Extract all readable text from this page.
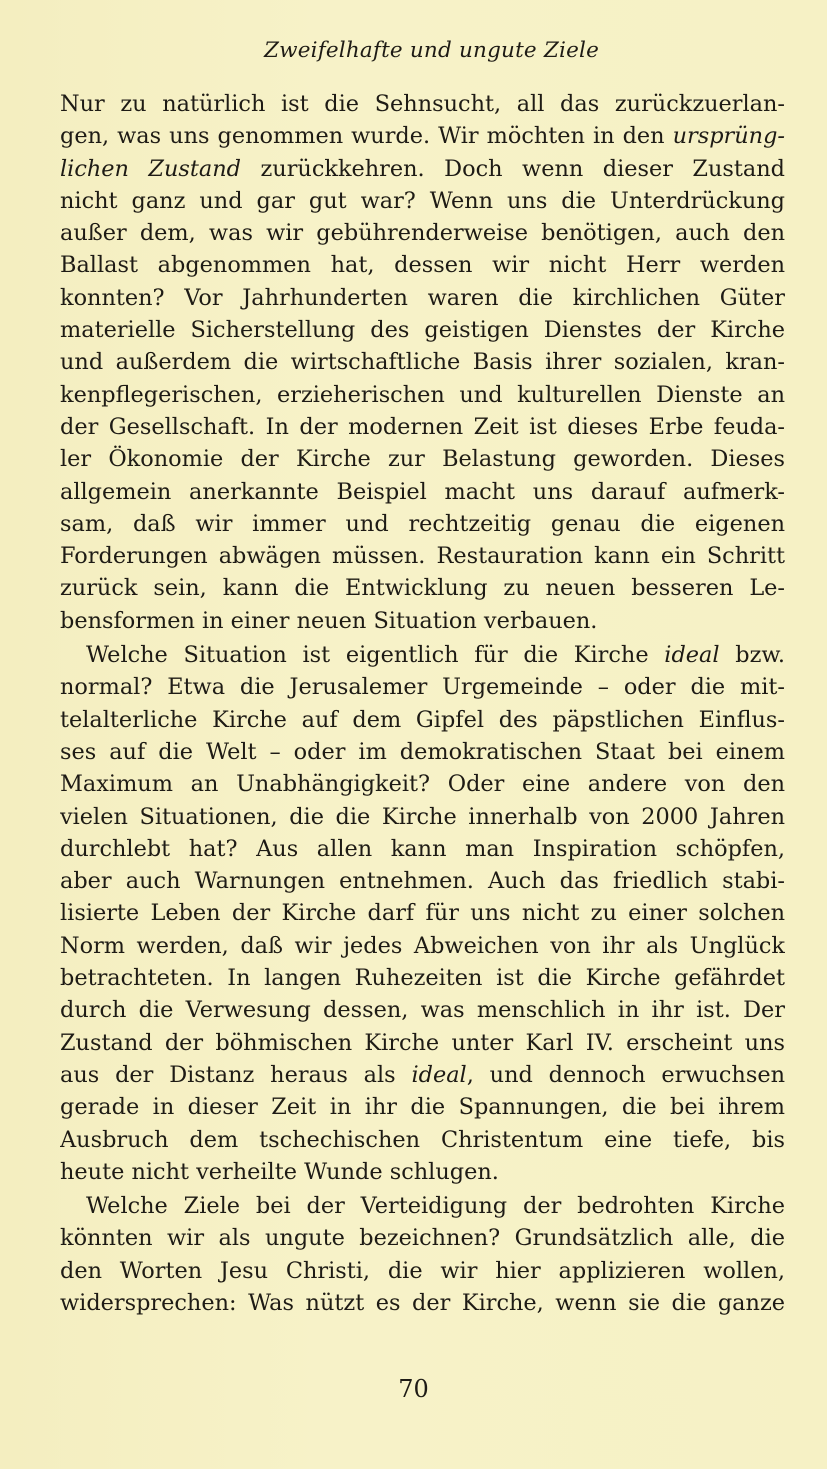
Zweifelhafte und ungute Ziele
Nur zu natürlich ist die Sehnsucht, all das zurückzuerlan-
gen, was uns genommen wurde. Wir möchten in den ursprüng-
lichen Zustand zurückkehren. Doch wenn dieser Zustand
nicht ganz und gar gut war? Wenn uns die Unterdrückung
außer dem, was wir gebührenderweise benötigen, auch den
Ballast abgenommen hat, dessen wir nicht Herr werden
konnten? Vor Jahrhunderten waren die kirchlichen Güter
materielle Sicherstellung des geistigen Dienstes der Kirche
und außerdem die wirtschaftliche Basis ihrer sozialen, kran-
kenpflegerischen, erzieherischen und kulturellen Dienste an
der Gesellschaft. In der modernen Zeit ist dieses Erbe feuda-
ler Ökonomie der Kirche zur Belastung geworden. Dieses
allgemein anerkannte Beispiel macht uns darauf aufmerk-
sam, daß wir immer und rechtzeitig genau die eigenen
Forderungen abwägen müssen. Restauration kann ein Schritt
zurück sein, kann die Entwicklung zu neuen besseren Le-
bensformen in einer neuen Situation verbauen.
Welche Situation ist eigentlich für die Kirche ideal bzw.
normal? Etwa die Jerusalemer Urgemeinde – oder die mit-
telalterliche Kirche auf dem Gipfel des päpstlichen Einflus-
ses auf die Welt – oder im demokratischen Staat bei einem
Maximum an Unabhängigkeit? Oder eine andere von den
vielen Situationen, die die Kirche innerhalb von 2000 Jahren
durchlebt hat? Aus allen kann man Inspiration schöpfen,
aber auch Warnungen entnehmen. Auch das friedlich stabi-
lisierte Leben der Kirche darf für uns nicht zu einer solchen
Norm werden, daß wir jedes Abweichen von ihr als Unglück
betrachteten. In langen Ruhezeiten ist die Kirche gefährdet
durch die Verwesung dessen, was menschlich in ihr ist. Der
Zustand der böhmischen Kirche unter Karl IV. erscheint uns
aus der Distanz heraus als ideal, und dennoch erwuchsen
gerade in dieser Zeit in ihr die Spannungen, die bei ihrem
Ausbruch dem tschechischen Christentum eine tiefe, bis
heute nicht verheilte Wunde schlugen.
Welche Ziele bei der Verteidigung der bedrohten Kirche
könnten wir als ungute bezeichnen? Grundsätzlich alle, die
den Worten Jesu Christi, die wir hier applizieren wollen,
widersprechen: Was nützt es der Kirche, wenn sie die ganze
70
